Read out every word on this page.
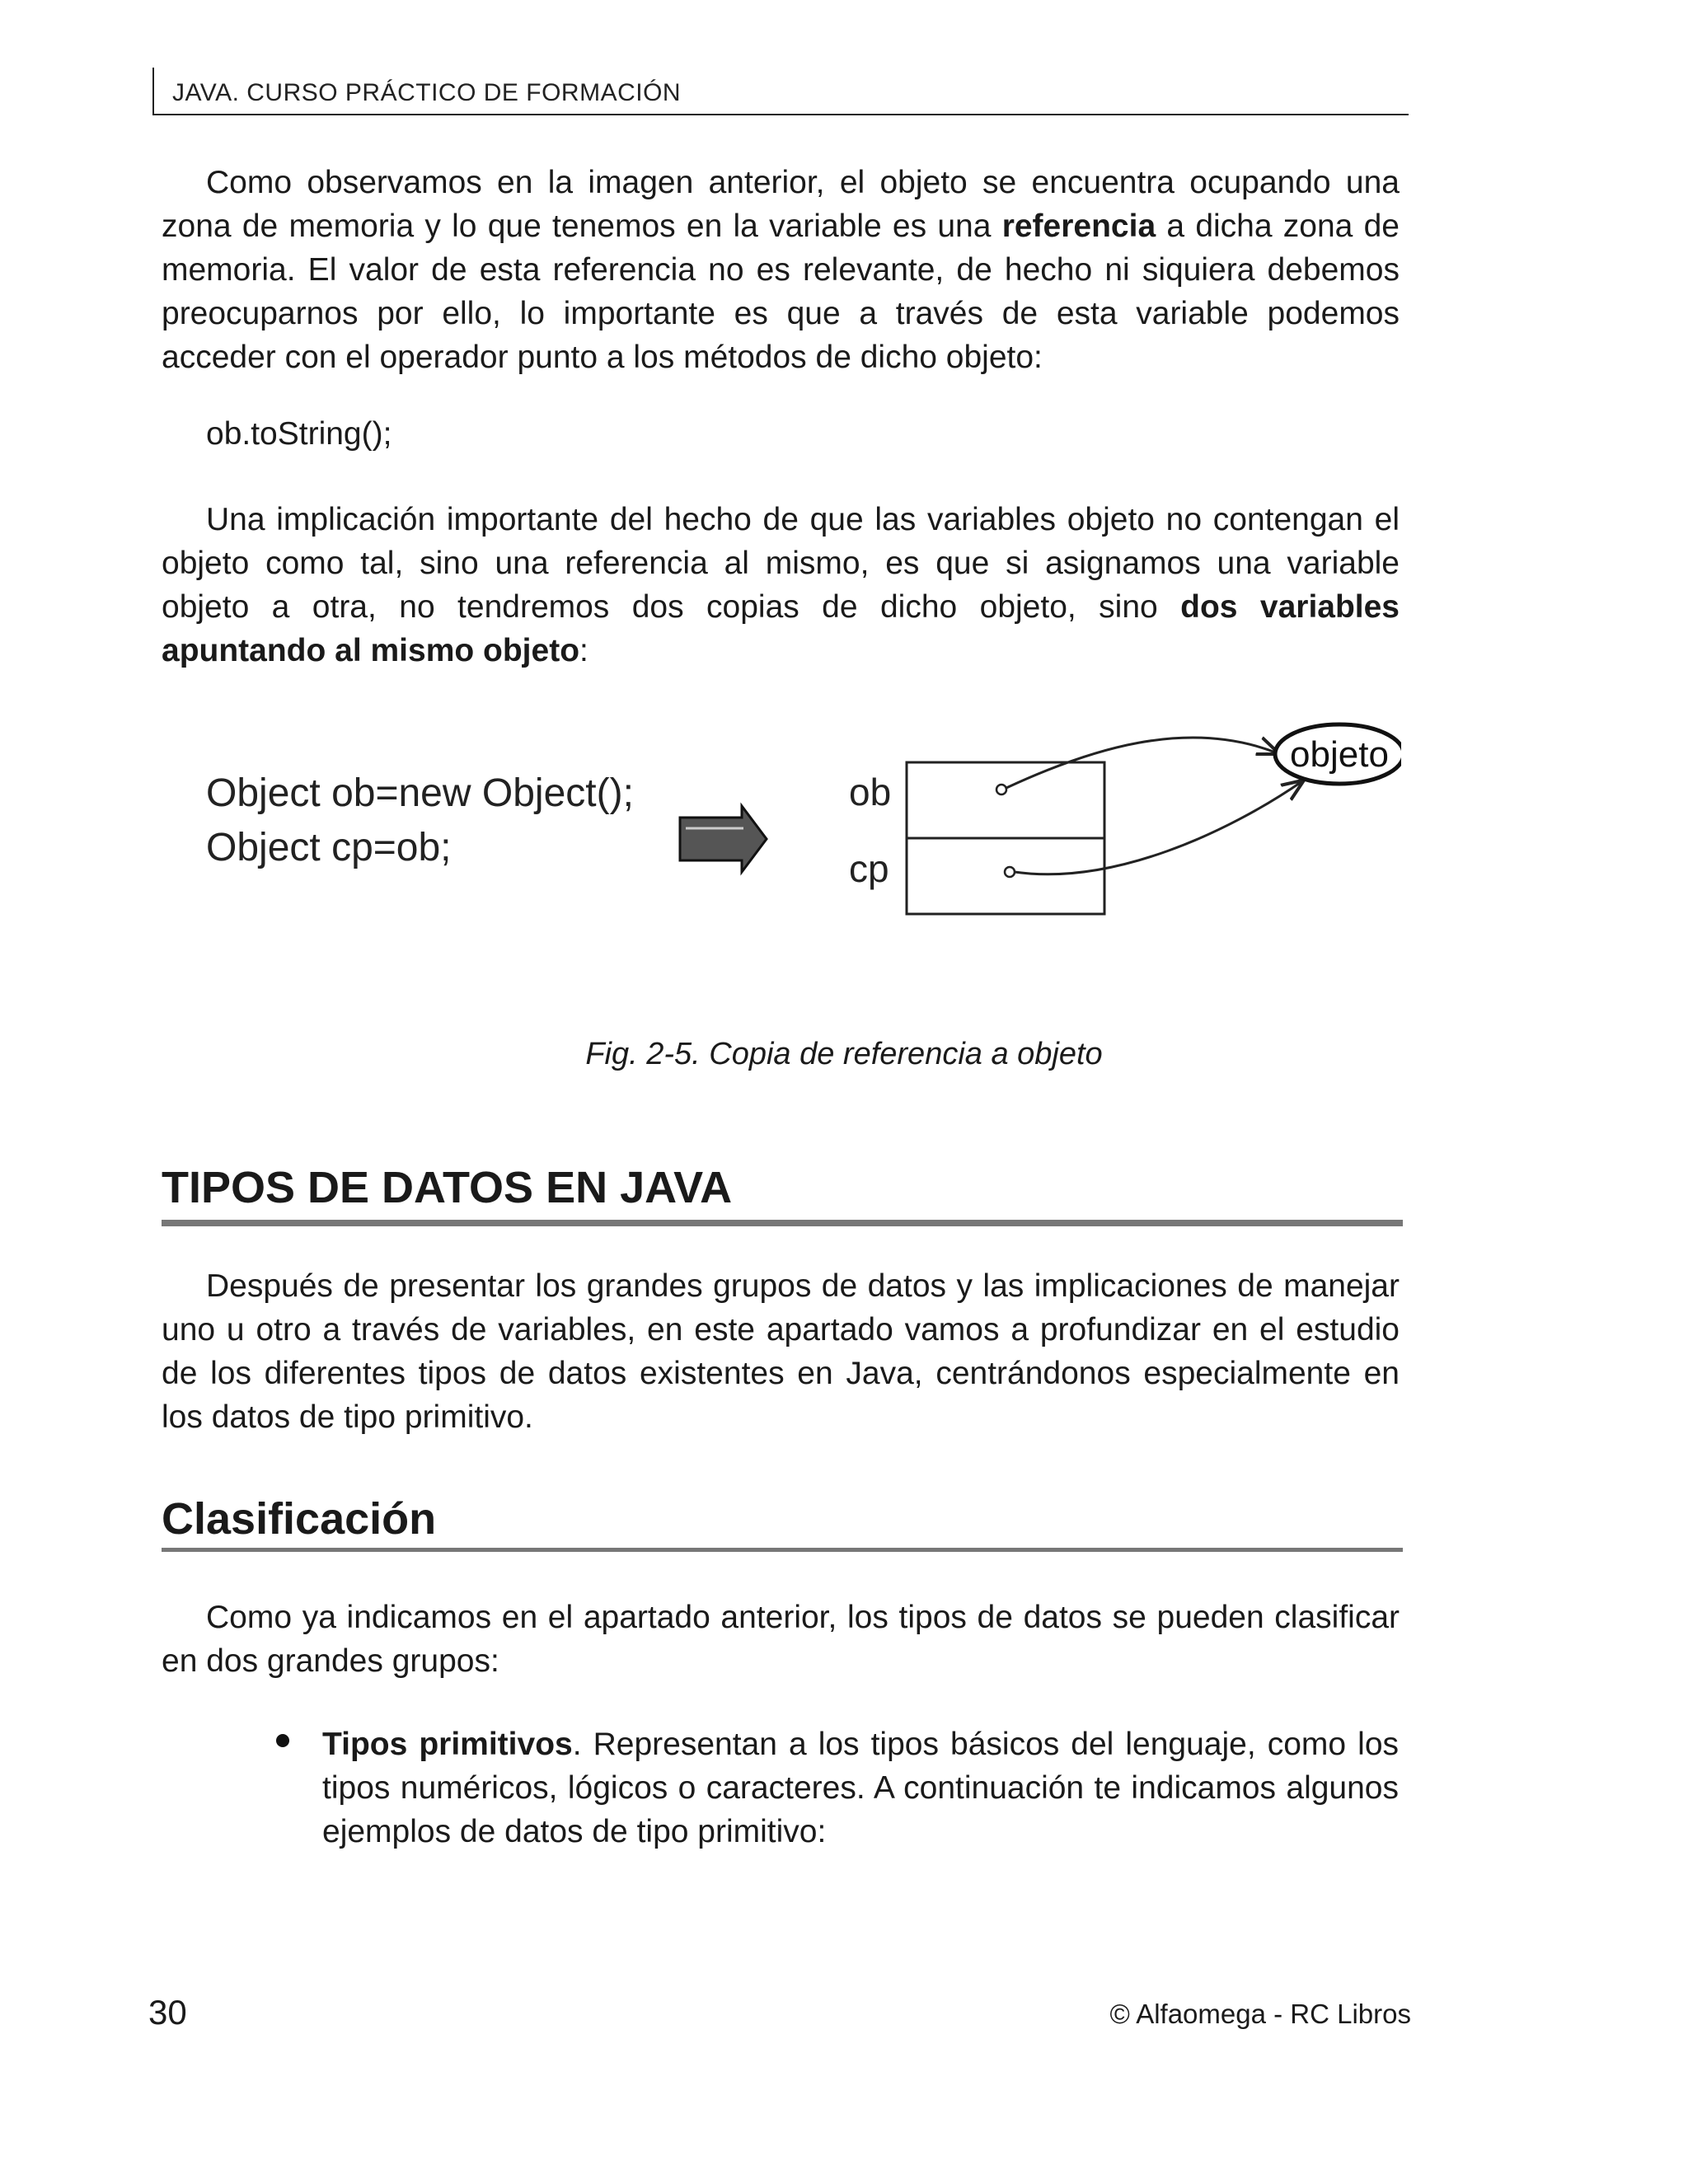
JAVA. CURSO PRÁCTICO DE FORMACIÓN

Como observamos en la imagen anterior, el objeto se encuentra ocupando una zona de memoria y lo que tenemos en la variable es una referencia a dicha zona de memoria. El valor de esta referencia no es relevante, de hecho ni siquiera debemos preocuparnos por ello, lo importante es que a través de esta variable podemos acceder con el operador punto a los métodos de dicho objeto:

ob.toString();

Una implicación importante del hecho de que las variables objeto no contengan el objeto como tal, sino una referencia al mismo, es que si asignamos una variable objeto a otra, no tendremos dos copias de dicho objeto, sino dos variables apuntando al mismo objeto:

Object ob=new Object();
Object cp=ob;
ob
cp
objeto
Fig. 2-5. Copia de referencia a objeto
TIPOS DE DATOS EN JAVA

Después de presentar los grandes grupos de datos y las implicaciones de manejar uno u otro a través de variables, en este apartado vamos a profundizar en el estudio de los diferentes tipos de datos existentes en Java, centrándonos especialmente en los datos de tipo primitivo.

Clasificación

Como ya indicamos en el apartado anterior, los tipos de datos se pueden clasificar en dos grandes grupos:

Tipos primitivos. Representan a los tipos básicos del lenguaje, como los tipos numéricos, lógicos o caracteres. A continuación te indicamos algunos ejemplos de datos de tipo primitivo:

30	© Alfaomega - RC Libros
